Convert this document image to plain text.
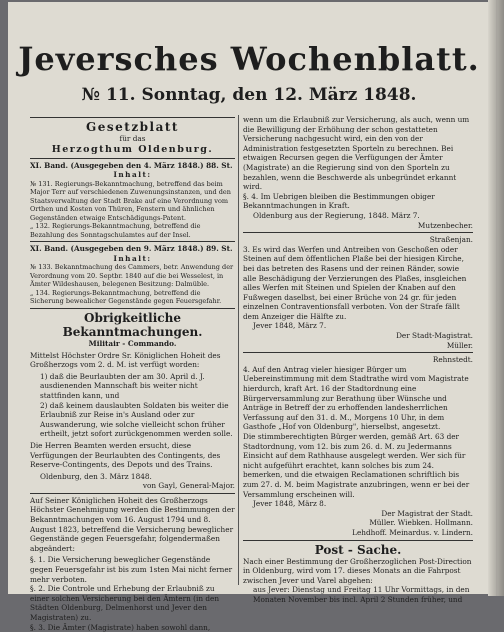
Jeversches Wochenblatt.
№ 11. Sonntag, den 12. März 1848.

Gesetzblatt

für das

Herzogthum Oldenburg.

XI. Band. (Ausgegeben den 4. März 1848.) 88. St.

Inhalt:

№ 131. Regierungs-Bekanntmachung, betreffend das beim Major Terr auf verschiedenen Zuwenungsinstanzen, und den Staatsverwaltung der Stadt Brake auf eine Verordnung vom Orthen und Kosten von Thüren, Fenstern und ähnlichen Gegenständen etwaige Entschädigungs-Patent.

„ 132. Regierungs-Bekanntmachung, betreffend die Bezahlung des Sonntagschulamtes auf der Insel.

XI. Band. (Ausgegeben den 9. März 1848.) 89. St.

Inhalt:

№ 133. Bekanntmachung des Cammers, betr. Anwendung der Verordnung vom 20. Septbr. 1840 auf die bei Wesselest, in Ämter Wildeshausen, belegenen Besitzung: Dalmüble.

„ 134. Regierungs-Bekanntmachung, betreffend die Sicherung bewealicher Gegenstände gegen Feuersgefahr.

Obrigkeitliche Bekanntmachungen.

Militair - Commando.

Mittelst Höchster Ordre Sr. Königlichen Hoheit des Großherzogs vom 2. d. M. ist verfügt worden:

1) daß die Beurlaubten der am 30. April d. J. ausdienenden Mannschaft bis weiter nicht stattfinden kann, und

2) daß keinem dauslaubten Soldaten bis weiter die Erlaubniß zur Reise in's Ausland oder zur Auswanderung, wie solche vielleicht schon früher ertheilt, jetzt sofort zurückgenommen werden solle.

Die Herren Beamten werden ersucht, diese Verfügungen der Beurlaubten des Contingents, des Reserve-Contingents, des Depots und des Trains.

Oldenburg, den 3. März 1848.

von Gayl, General-Major.

Auf Seiner Königlichen Hoheit des Großherzogs Höchster Genehmigung werden die Bestimmungen der Bekanntmachungen vom 16. August 1794 und 8. August 1823, betreffend die Versicherung beweglicher Gegenstände gegen Feuersgefahr, folgendermaßen abgeändert:

§. 1. Die Versicherung beweglicher Gegenstände gegen Feuersgefahr ist bis zum 1sten Mai nicht ferner mehr verboten.

§. 2. Die Controle und Erhebung der Erlaubniß zu einer solchen Versicherung bei den Ämtern (in den Städten Oldenburg, Delmenhorst und Jever den Magistraten) zu.

§. 3. Die Ämter (Magistrate) haben sowohl dann,

wenn um die Erlaubniß zur Versicherung, als auch, wenn um die Bewilligung der Erhöhung der schon gestatteten Versicherung nachgesucht wird, ein den von der Administration festgesetzten Sporteln zu berechnen. Bei etwaigen Recursen gegen die Verfügungen der Ämter (Magistrate) an die Regierung sind von den Sporteln zu bezahlen, wenn die Beschwerde als unbegründet erkannt wird.

§. 4. Im Uebrigen bleiben die Bestimmungen obiger Bekanntmachungen in Kraft.

Oldenburg aus der Regierung, 1848. März 7.

Mutzenbecher.

Straßenjan.

3. Es wird das Werfen und Antreiben von Geschoßen oder Steinen auf dem öffentlichen Plaße bei der hiesigen Kirche, bei das betreten des Rasens und der reinen Ränder, sowie alle Beschädigung der Verzierungen des Plaßes, insgleichen alles Werfen mit Steinen und Spielen der Knaben auf den Fußwegen daselbst, bei einer Brüche von 24 gr. für jeden einzelnen Contraventionsfall verboten. Von der Strafe fällt dem Anzeiger die Hälfte zu.

Jever 1848, März 7.

Der Stadt-Magistrat.

Müller.

Rehnstedt.

4. Auf den Antrag vieler hiesiger Bürger um Uebereinstimmung mit dem Stadtrathe wird vom Magistrate hierdurch, kraft Art. 16 der Stadtordnung eine Bürgerversammlung zur Berathung über Wünsche und Anträge in Betreff der zu erhoffenden landesherrlichen Verfassung auf den 31. d. M., Morgens 10 Uhr, in dem Gasthofe „Hof von Oldenburg", hierselbst, angesetzt.

Die stimmberechtigten Bürger werden, gemäß Art. 63 der Stadtordnung, vom 12. bis zum 26. d. M. zu Jedermanns Einsicht auf dem Rathhause ausgelegt werden. Wer sich für nicht aufgeführt erachtet, kann solches bis zum 24. bemerken, und die etwaigen Reclamationen schriftlich bis zum 27. d. M. beim Magistrate anzubringen, wenn er bei der Versammlung erscheinen will.

Jever 1848, März 8.

Der Magistrat der Stadt.

Müller. Wiebken. Hollmann.

Lehdhoff. Meinardus. v. Lindern.

Post - Sache.

Nach einer Bestimmung der Großherzoglichen Post-Direction in Oldenburg, wird vom 17. dieses Monats an die Fahrpost zwischen Jever und Varel abgehen:

aus Jever: Dienstag und Freitag 11 Uhr Vormittags, in den Monaten November bis incl. April 2 Stunden früher, und
